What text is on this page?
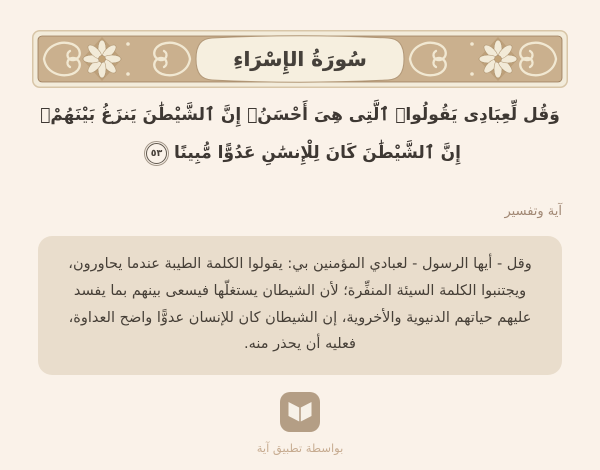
سُورَةُ الإِسْرَاءِ
وَقُل لِّعِبَادِى يَقُولُوا۟ ٱلَّتِى هِىَ أَحْسَنُۚ إِنَّ ٱلشَّيْطَٰنَ يَنزَغُ بَيْنَهُمْۚ إِنَّ ٱلشَّيْطَٰنَ كَانَ لِلْإِنسَٰنِ عَدُوًّا مُّبِينًا
٥٣
آية وتفسير
وقل - أيها الرسول - لعبادي المؤمنين بي: يقولوا الكلمة الطيبة عندما يحاورون، ويجتنبوا الكلمة السيئة المنفِّرة؛ لأن الشيطان يستغلّها فيسعى بينهم بما يفسد عليهم حياتهم الدنيوية والأخروية، إن الشيطان كان للإنسان عدوًّا واضح العداوة، فعليه أن يحذر منه.
بواسطة تطبيق آية
